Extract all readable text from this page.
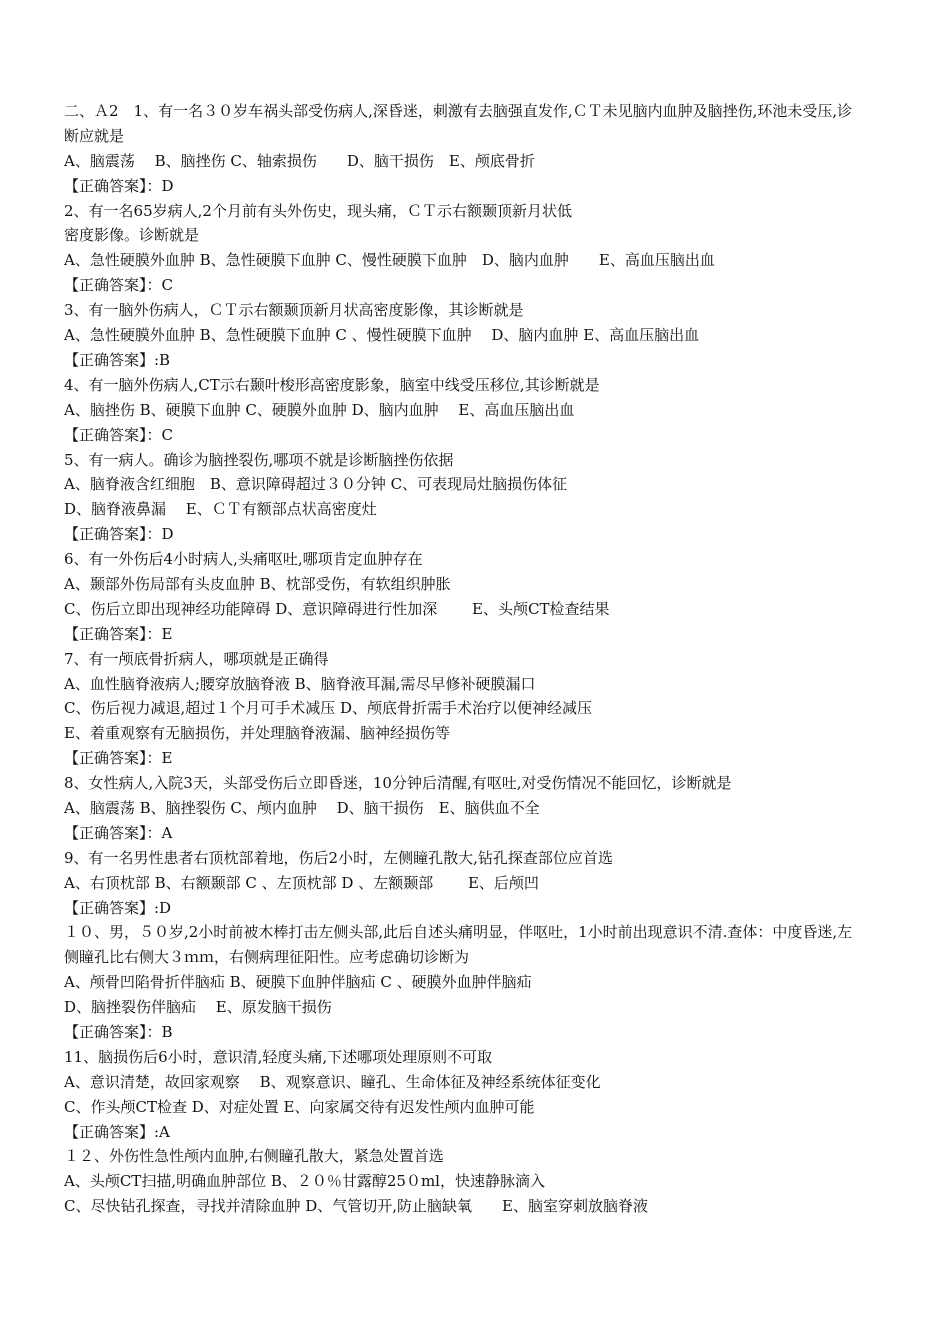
二、Ａ2　1、有一名３０岁车祸头部受伤病人,深昏迷，刺激有去脑强直发作,ＣＴ未见脑内血肿及脑挫伤,环池未受压,诊断应就是
A、脑震荡　 B、脑挫伤 C、轴索损伤　　D、脑干损伤　E、颅底骨折
【正确答案】：D
2、有一名65岁病人,2个月前有头外伤史，现头痛，ＣＴ示右额颞顶新月状低
密度影像。诊断就是
A、急性硬膜外血肿 B、急性硬膜下血肿 C、慢性硬膜下血肿　D、脑内血肿　　E、高血压脑出血
【正确答案】：C
3、有一脑外伤病人，ＣＴ示右额颞顶新月状高密度影像，其诊断就是
A、急性硬膜外血肿 B、急性硬膜下血肿 C 、慢性硬膜下血肿 　D、脑内血肿 E、高血压脑出血
【正确答案】:B
4、有一脑外伤病人,CT示右颞叶梭形高密度影象，脑室中线受压移位,其诊断就是
A、脑挫伤 B、硬膜下血肿 C、硬膜外血肿 D、脑内血肿 　E、高血压脑出血
【正确答案】：C
5、有一病人。确诊为脑挫裂伤,哪项不就是诊断脑挫伤依据
A、脑脊液含红细胞　B、意识障碍超过３０分钟 C、可表现局灶脑损伤体征
D、脑脊液鼻漏　 E、ＣＴ有额部点状高密度灶
【正确答案】：D
6、有一外伤后4小时病人,头痛呕吐,哪项肯定血肿存在
A、颞部外伤局部有头皮血肿 B、枕部受伤，有软组织肿胀
C、伤后立即出现神经功能障碍 D、意识障碍进行性加深　　 E、头颅CT检查结果
【正确答案】：E
7、有一颅底骨折病人，哪项就是正确得
A、血性脑脊液病人;腰穿放脑脊液 B、脑脊液耳漏,需尽早修补硬膜漏口
C、伤后视力减退,超过１个月可手术减压 D、颅底骨折需手术治疗以便神经减压
E、着重观察有无脑损伤，并处理脑脊液漏、脑神经损伤等
【正确答案】：E
8、女性病人,入院3天，头部受伤后立即昏迷，10分钟后清醒,有呕吐,对受伤情况不能回忆，诊断就是
A、脑震荡 B、脑挫裂伤 C、颅内血肿　 D、脑干损伤　E、脑供血不全
【正确答案】：A
9、有一名男性患者右顶枕部着地，伤后2小时，左侧瞳孔散大,钻孔探查部位应首选
A、右顶枕部 B、右额颞部 C 、左顶枕部 D 、左额颞部　　 E、后颅凹
【正确答案】:D
１０、男，５０岁,2小时前被木棒打击左侧头部,此后自述头痛明显，伴呕吐，1小时前出现意识不清.查体：中度昏迷,左侧瞳孔比右侧大３ｍｍ，右侧病理征阳性。应考虑确切诊断为
A、颅骨凹陷骨折伴脑疝 B、硬膜下血肿伴脑疝 C 、硬膜外血肿伴脑疝
D、脑挫裂伤伴脑疝　 E、原发脑干损伤
【正确答案】：B
11、脑损伤后6小时，意识清,轻度头痛,下述哪项处理原则不可取
A、意识清楚，故回家观察　 B、观察意识、瞳孔、生命体征及神经系统体征变化
C、作头颅CT检查 D、对症处置 E、向家属交待有迟发性颅内血肿可能
【正确答案】:A
１２、外伤性急性颅内血肿,右侧瞳孔散大，紧急处置首选
A、头颅CT扫描,明确血肿部位 B、２０％甘露醇25０ml，快速静脉滴入
C、尽快钻孔探查，寻找并清除血肿 D、气管切开,防止脑缺氧　　E、脑室穿刺放脑脊液
